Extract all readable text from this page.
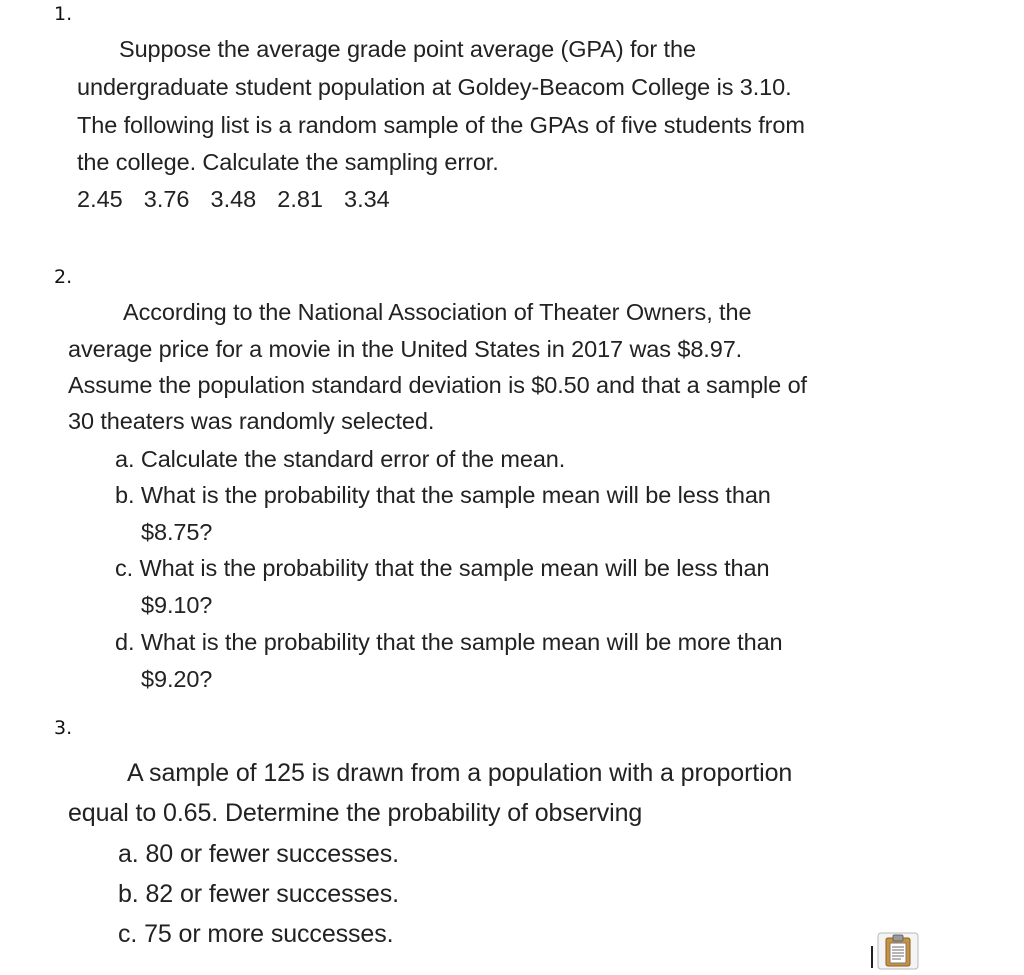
1.
Suppose the average grade point average (GPA) for the
undergraduate student population at Goldey-Beacom College is 3.10.
The following list is a random sample of the GPAs of five students from
the college. Calculate the sampling error.
2.45 3.76 3.48 2.81 3.34
2.
According to the National Association of Theater Owners, the
average price for a movie in the United States in 2017 was $8.97.
Assume the population standard deviation is $0.50 and that a sample of
30 theaters was randomly selected.
a. Calculate the standard error of the mean.
b. What is the probability that the sample mean will be less than
$8.75?
c. What is the probability that the sample mean will be less than
$9.10?
d. What is the probability that the sample mean will be more than
$9.20?
3.
A sample of 125 is drawn from a population with a proportion
equal to 0.65. Determine the probability of observing
a. 80 or fewer successes.
b. 82 or fewer successes.
c. 75 or more successes.
